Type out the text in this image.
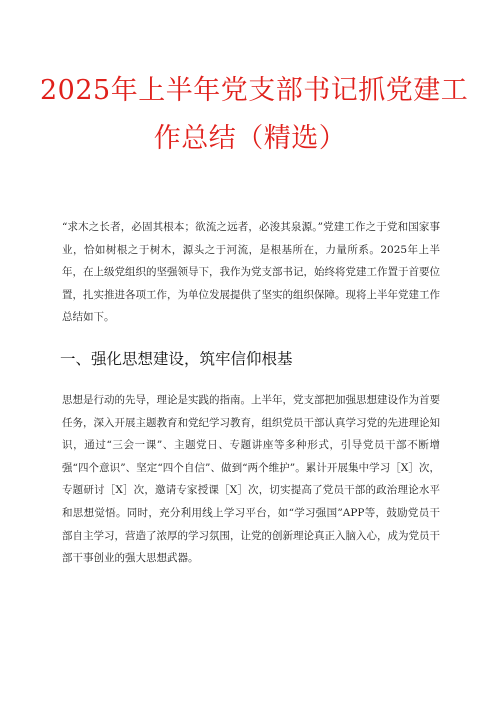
2025年上半年党支部书记抓党建工
作总结（精选）

“求木之长者，必固其根本；欲流之远者，必浚其泉源。”党建工作之于党和国家事业，恰如树根之于树木，源头之于河流，是根基所在，力量所系。2025年上半年，在上级党组织的坚强领导下，我作为党支部书记，始终将党建工作置于首要位置，扎实推进各项工作，为单位发展提供了坚实的组织保障。现将上半年党建工作总结如下。

一、强化思想建设，筑牢信仰根基

思想是行动的先导，理论是实践的指南。上半年，党支部把加强思想建设作为首要任务，深入开展主题教育和党纪学习教育，组织党员干部认真学习党的先进理论知识，通过“三会一课”、主题党日、专题讲座等多种形式，引导党员干部不断增强“四个意识”、坚定“四个自信”、做到“两个维护”。累计开展集中学习［X］次，专题研讨［X］次，邀请专家授课［X］次，切实提高了党员干部的政治理论水平和思想觉悟。同时，充分利用线上学习平台，如“学习强国”APP等，鼓励党员干部自主学习，营造了浓厚的学习氛围，让党的创新理论真正入脑入心，成为党员干部干事创业的强大思想武器。
